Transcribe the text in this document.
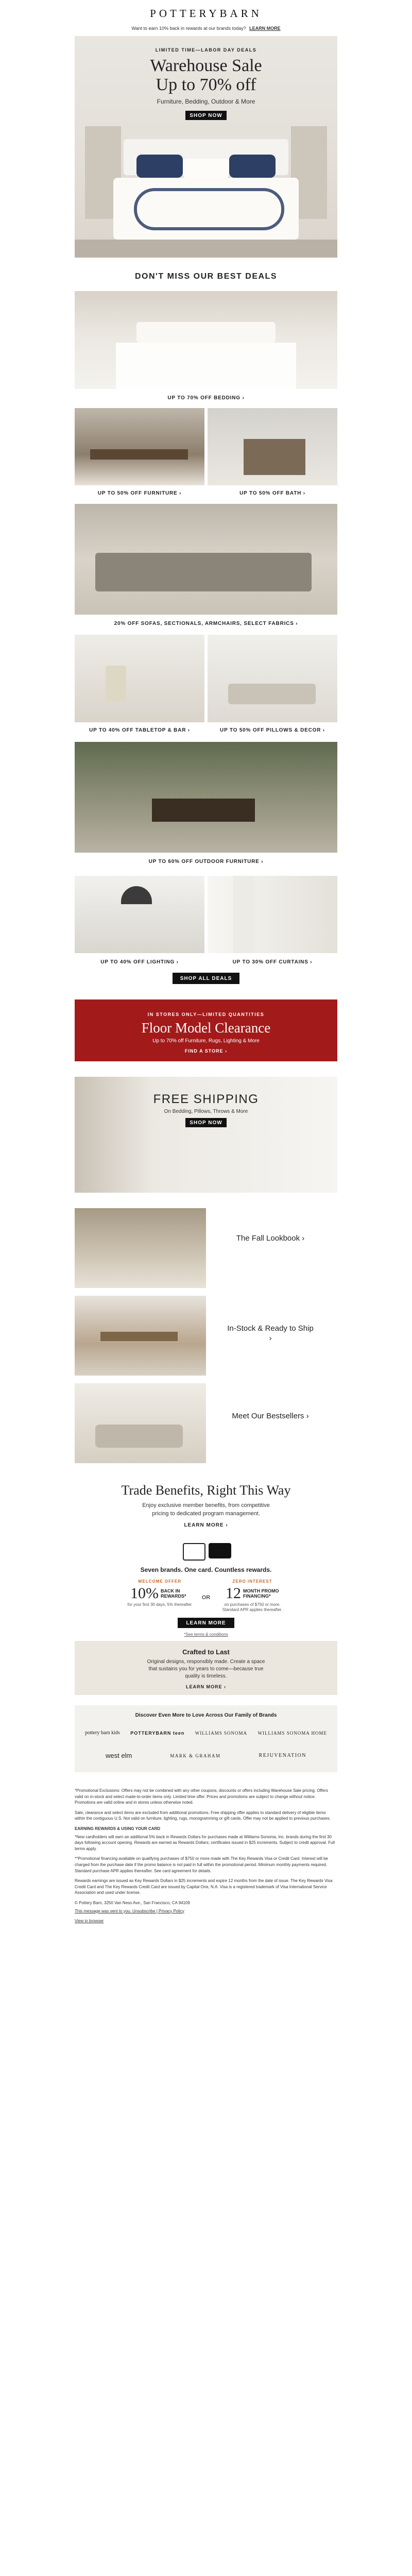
POTTERYBARN
Want to earn 10% back in rewards at our brands today? LEARN MORE
LIMITED TIME—LABOR DAY DEALS
Warehouse Sale
Up to 70% off
Furniture, Bedding, Outdoor & More
SHOP NOW
DON'T MISS OUR BEST DEALS
UP TO 70% OFF BEDDING ›
UP TO 50% OFF FURNITURE ›	UP TO 50% OFF BATH ›
20% OFF SOFAS, SECTIONALS, ARMCHAIRS, SELECT FABRICS ›
UP TO 40% OFF TABLETOP & BAR ›	UP TO 50% OFF PILLOWS & DECOR ›
UP TO 60% OFF OUTDOOR FURNITURE ›
UP TO 40% OFF LIGHTING ›	UP TO 30% OFF CURTAINS ›
SHOP ALL DEALS
IN STORES ONLY—LIMITED QUANTITIES
Floor Model Clearance
Up to 70% off Furniture, Rugs, Lighting & More
FIND A STORE ›
FREE SHIPPING
On Bedding, Pillows, Throws & More
SHOP NOW
The Fall Lookbook ›
In-Stock & Ready to Ship ›
Meet Our Bestsellers ›
Trade Benefits, Right This Way
Enjoy exclusive member benefits, from competitive pricing to dedicated program management.
LEARN MORE ›
Seven brands. One card. Countless rewards.
WELCOME OFFER
10% BACK IN REWARDS*
for your first 30 days, 5% thereafter
OR
ZERO INTEREST
12 MONTH PROMO FINANCING*
on purchases of $750 or more. Standard APR applies thereafter.
LEARN MORE
*See terms & conditions
Crafted to Last
Original designs, responsibly made. Create a space that sustains you for years to come—because true quality is timeless.
LEARN MORE ›
Discover Even More to Love Across Our Family of Brands
pottery barn kids POTTERYBARN teen WILLIAMS SONOMA WILLIAMS SONOMA HOME
west elm	MARK & GRAHAM	REJUVENATION

*Promotional Exclusions: Offers may not be combined with any other coupons, discounts or offers including Warehouse Sale pricing. Offers valid on in-stock and select made-to-order items only. Limited time offer. Prices and promotions are subject to change without notice. Promotions are valid online and in stores unless otherwise noted.

Sale, clearance and select items are excluded from additional promotions. Free shipping offer applies to standard delivery of eligible items within the contiguous U.S. Not valid on furniture, lighting, rugs, monogramming or gift cards. Offer may not be applied to previous purchases.

EARNING REWARDS & USING YOUR CARD

*New cardholders will earn an additional 5% back in Rewards Dollars for purchases made at Williams-Sonoma, Inc. brands during the first 30 days following account opening. Rewards are earned as Rewards Dollars; certificates issued in $25 increments. Subject to credit approval. Full terms apply.

**Promotional financing available on qualifying purchases of $750 or more made with The Key Rewards Visa or Credit Card. Interest will be charged from the purchase date if the promo balance is not paid in full within the promotional period. Minimum monthly payments required. Standard purchase APR applies thereafter. See card agreement for details.

Rewards earnings are issued as Key Rewards Dollars in $25 increments and expire 12 months from the date of issue. The Key Rewards Visa Credit Card and The Key Rewards Credit Card are issued by Capital One, N.A. Visa is a registered trademark of Visa International Service Association and used under license.

© Pottery Barn, 3250 Van Ness Ave., San Francisco, CA 94109

This message was sent to you. Unsubscribe | Privacy Policy

View in browser
